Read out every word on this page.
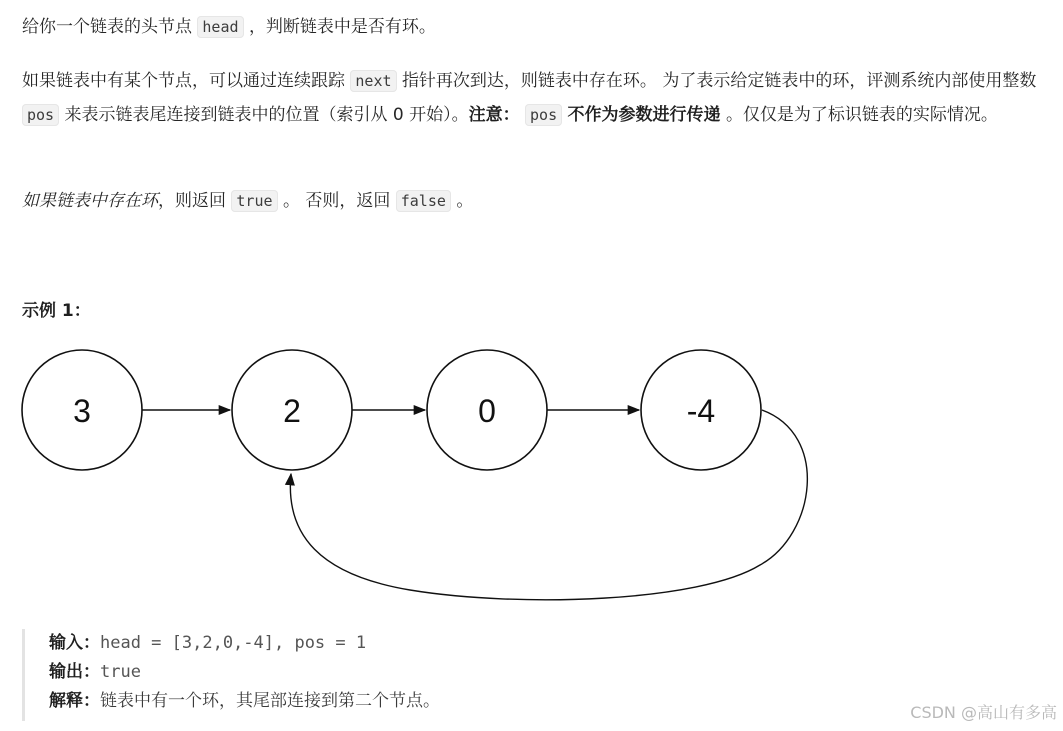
给你一个链表的头节点 head ，判断链表中是否有环。

如果链表中有某个节点，可以通过连续跟踪 next 指针再次到达，则链表中存在环。 为了表示给定链表中的环，评测系统内部使用整数 pos 来表示链表尾连接到链表中的位置（索引从 0 开始）。注意： pos 不作为参数进行传递 。仅仅是为了标识链表的实际情况。

如果链表中存在环，则返回 true 。 否则，返回 false 。

示例 1：

3	2	0	-4
输入：head = [3,2,0,-4], pos = 1
输出：true
解释：链表中有一个环，其尾部连接到第二个节点。
CSDN @高山有多高
